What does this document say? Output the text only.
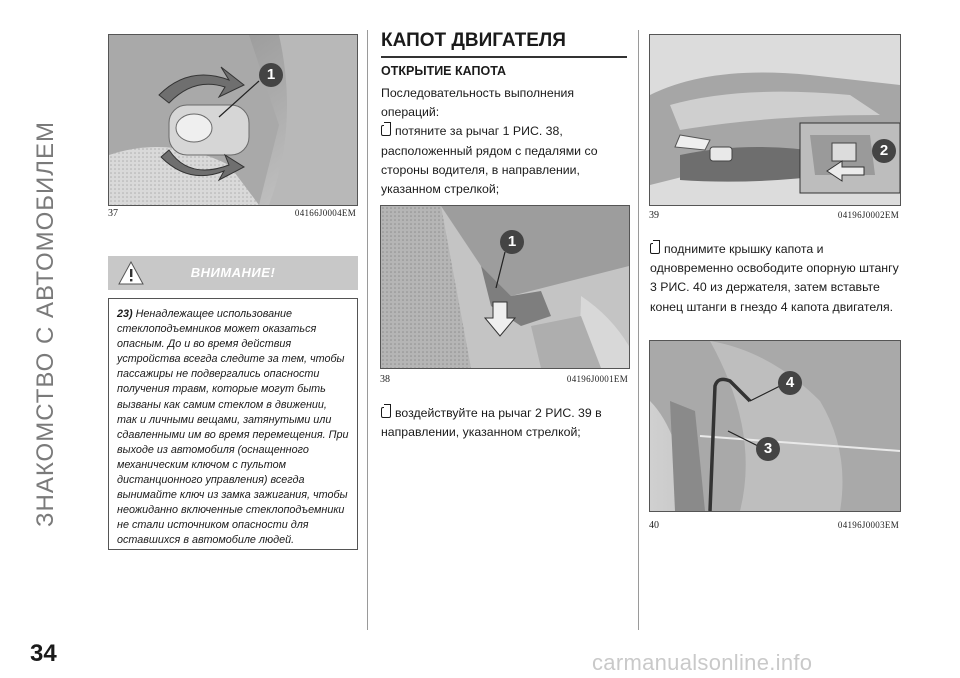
ЗНАКОМСТВО С АВТОМОБИЛЕМ
34
1
37	04166J0004EM
ВНИМАНИЕ!
23) Ненадлежащее использование стеклоподъемников может оказаться опасным. До и во время действия устройства всегда следите за тем, чтобы пассажиры не подвергались опасности получения травм, которые могут быть вызваны как самим стеклом в движении, так и личными вещами, затянутыми или сдавленными им во время перемещения. При выходе из автомобиля (оснащенного механическим ключом с пультом дистанционного управления) всегда вынимайте ключ из замка зажигания, чтобы неожиданно включенные стеклоподъемники не стали источником опасности для оставшихся в автомобиле людей.
КАПОТ ДВИГАТЕЛЯ
ОТКРЫТИЕ КАПОТА
Последовательность выполнения операций:
потяните за рычаг 1 РИС. 38, расположенный рядом с педалями со стороны водителя, в направлении, указанном стрелкой;
1
38	04196J0001EM
воздействуйте на рычаг 2 РИС. 39 в направлении, указанном стрелкой;
2
39	04196J0002EM
поднимите крышку капота и одновременно освободите опорную штангу 3 РИС. 40 из держателя, затем вставьте конец штанги в гнездо 4 капота двигателя.
4
3
40	04196J0003EM
carmanualsonline.info
